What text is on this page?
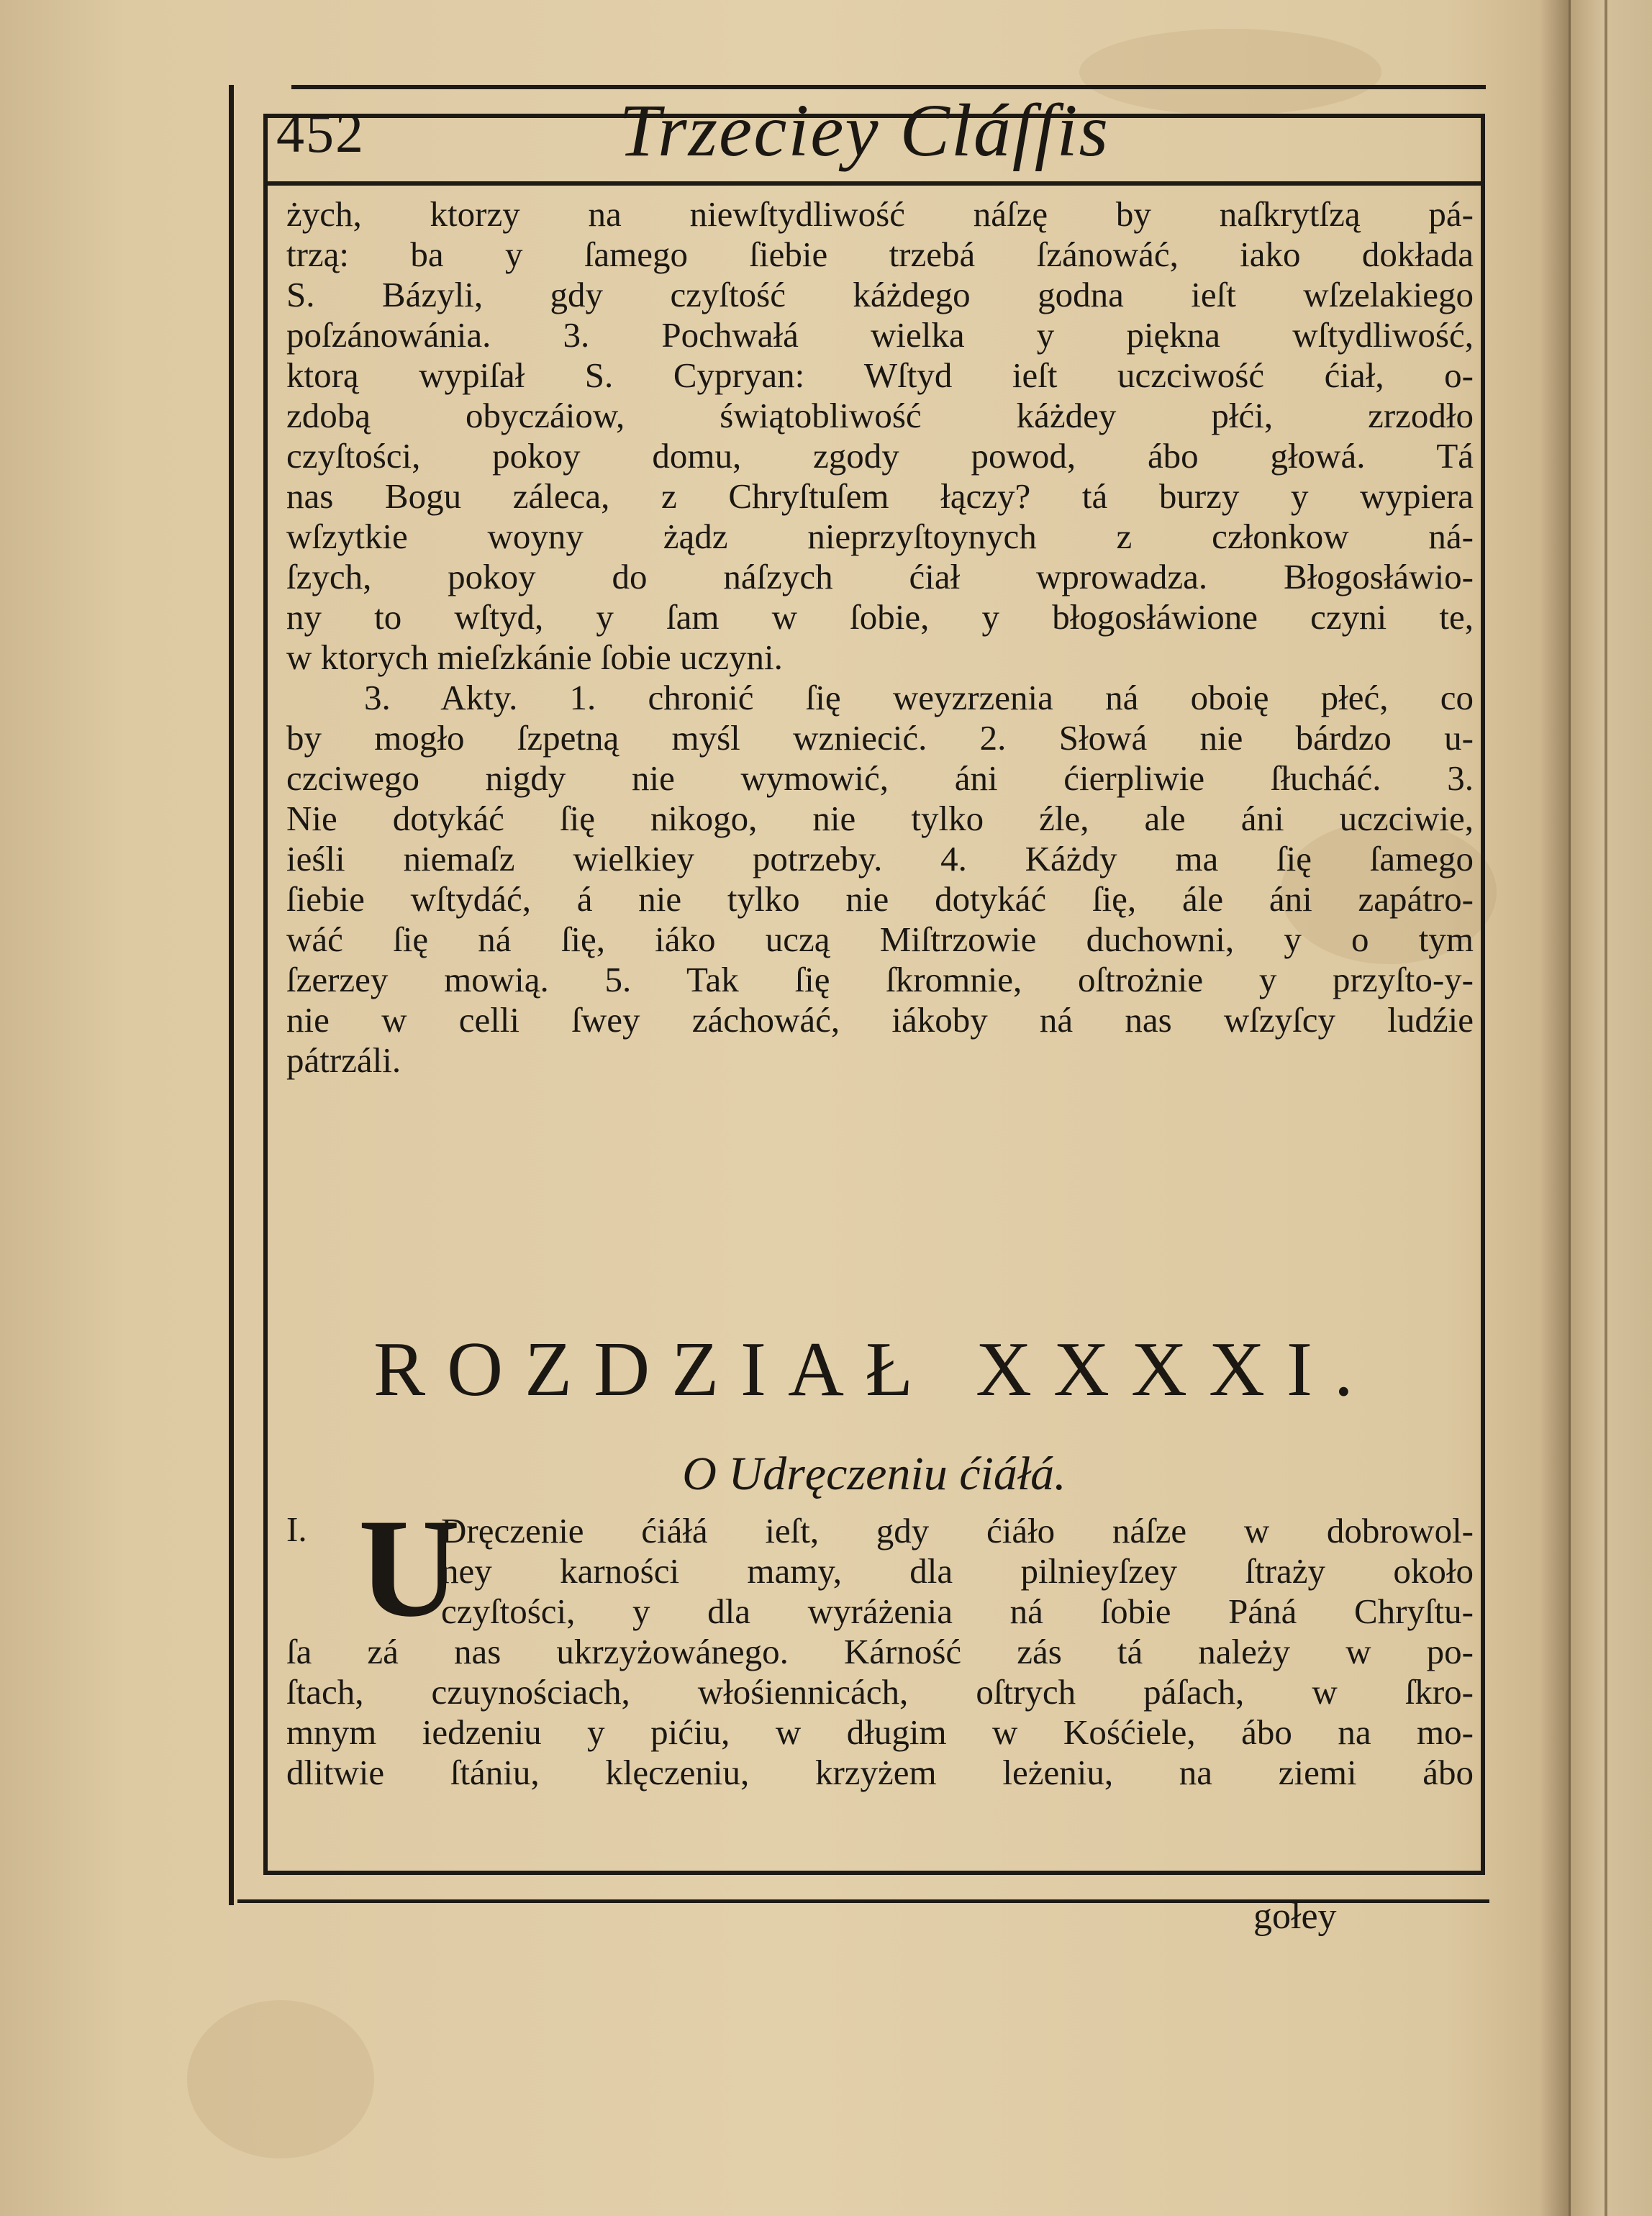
452	Trzeciey Cláſſis
żych, ktorzy na niewſtydliwość náſzę by naſkrytſzą pá-
trzą: ba y ſamego ſiebie trzebá ſzánowáć, iako dokłada
S. Bázyli, gdy czyſtość káżdego godna ieſt wſzelakiego
poſzánowánia. 3. Pochwałá wielka y piękna wſtydliwość,
ktorą wypiſał S. Cypryan: Wſtyd ieſt uczciwość ćiał, o-
zdobą obyczáiow, świątobliwość káżdey płći, zrzodło
czyſtości, pokoy domu, zgody powod, ábo głowá. Tá
nas Bogu záleca, z Chryſtuſem łączy? tá burzy y wypiera
wſzytkie woyny żądz nieprzyſtoynych z członkow ná-
ſzych, pokoy do náſzych ćiał wprowadza. Błogosłáwio-
ny to wſtyd, y ſam w ſobie, y błogosłáwione czyni te,
w ktorych mieſzkánie ſobie uczyni.
3. Akty. 1. chronić ſię weyzrzenia ná oboię płeć, co
by mogło ſzpetną myśl wzniecić. 2. Słowá nie bárdzo u-
czciwego nigdy nie wymowić, áni ćierpliwie ſłucháć. 3.
Nie dotykáć ſię nikogo, nie tylko źle, ale áni uczciwie,
ieśli niemaſz wielkiey potrzeby. 4. Káżdy ma ſię ſamego
ſiebie wſtydáć, á nie tylko nie dotykáć ſię, ále áni zapátro-
wáć ſię ná ſię, iáko uczą Miſtrzowie duchowni, y o tym
ſzerzey mowią. 5. Tak ſię ſkromnie, oſtrożnie y przyſto-y-
nie w celli ſwey záchowáć, iákoby ná nas wſzyſcy ludźie
pátrzáli.
ROZDZIAŁ XXXXI.
O Udręczeniu ćiáłá.
I. U
Dręczenie ćiáłá ieſt, gdy ćiáło náſze w dobrowol-
ney karności mamy, dla pilnieyſzey ſtraży około
czyſtości, y dla wyráżenia ná ſobie Páná Chryſtu-
ſa zá nas ukrzyżowánego. Kárność zás tá należy w po-
ſtach, czuynościach, włośiennicách, oſtrych páſach, w ſkro-
mnym iedzeniu y pićiu, w długim w Kośćiele, ábo na mo-
dlitwie ſtániu, klęczeniu, krzyżem leżeniu, na ziemi ábo
gołey
